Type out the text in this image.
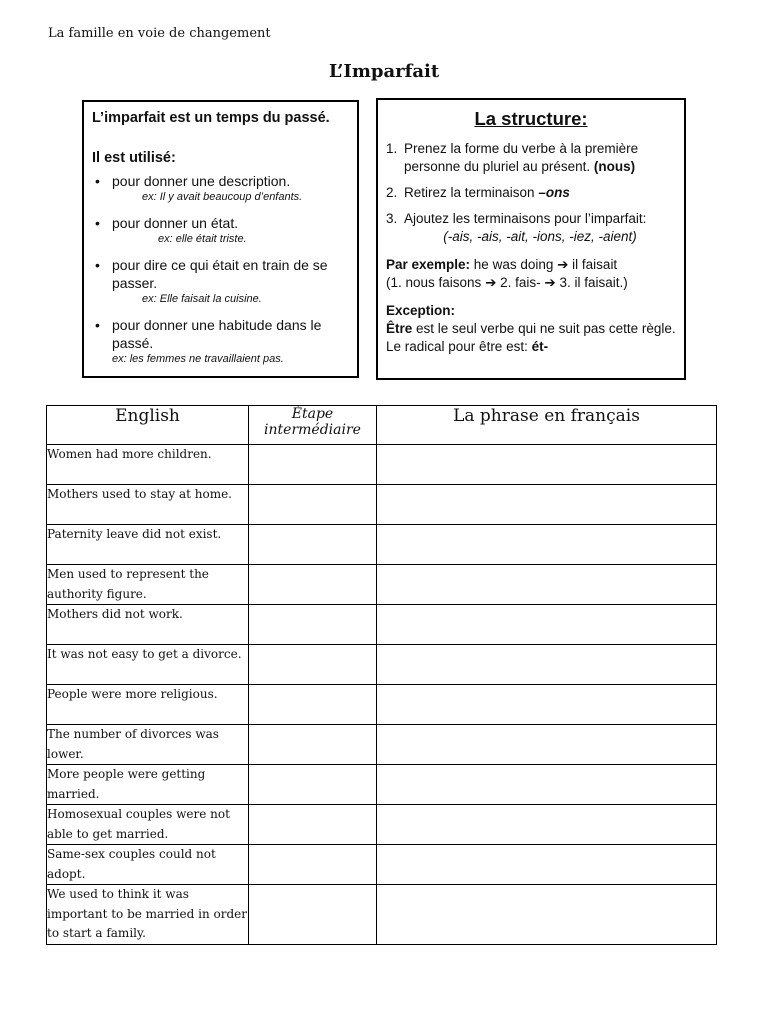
La famille en voie de changement
L’Imparfait
L’imparfait est un temps du passé.
Il est utilisé:
• pour donner une description.
ex: Il y avait beaucoup d’enfants.
• pour donner un état.
ex: elle était triste.
• pour dire ce qui était en train de se passer.
ex: Elle faisait la cuisine.
• pour donner une habitude dans le passé.
ex: les femmes ne travaillaient pas.
La structure:
1. Prenez la forme du verbe à la première personne du pluriel au présent. (nous)
2. Retirez la terminaison –ons
3. Ajoutez les terminaisons pour l’imparfait:
(-ais, -ais, -ait, -ions, -iez, -aient)
Par exemple: he was doing ➔ il faisait
(1. nous faisons ➔ 2. fais- ➔ 3. il faisait.)
Exception:
Être est le seul verbe qui ne suit pas cette règle. Le radical pour être est: ét-
English	Étape intermédiaire	La phrase en français
Women had more children.		
Mothers used to stay at home.		
Paternity leave did not exist.		
Men used to represent the authority figure.		
Mothers did not work.		
It was not easy to get a divorce.		
People were more religious.		
The number of divorces was lower.		
More people were getting married.		
Homosexual couples were not able to get married.		
Same-sex couples could not adopt.		
We used to think it was important to be married in order to start a family.		
